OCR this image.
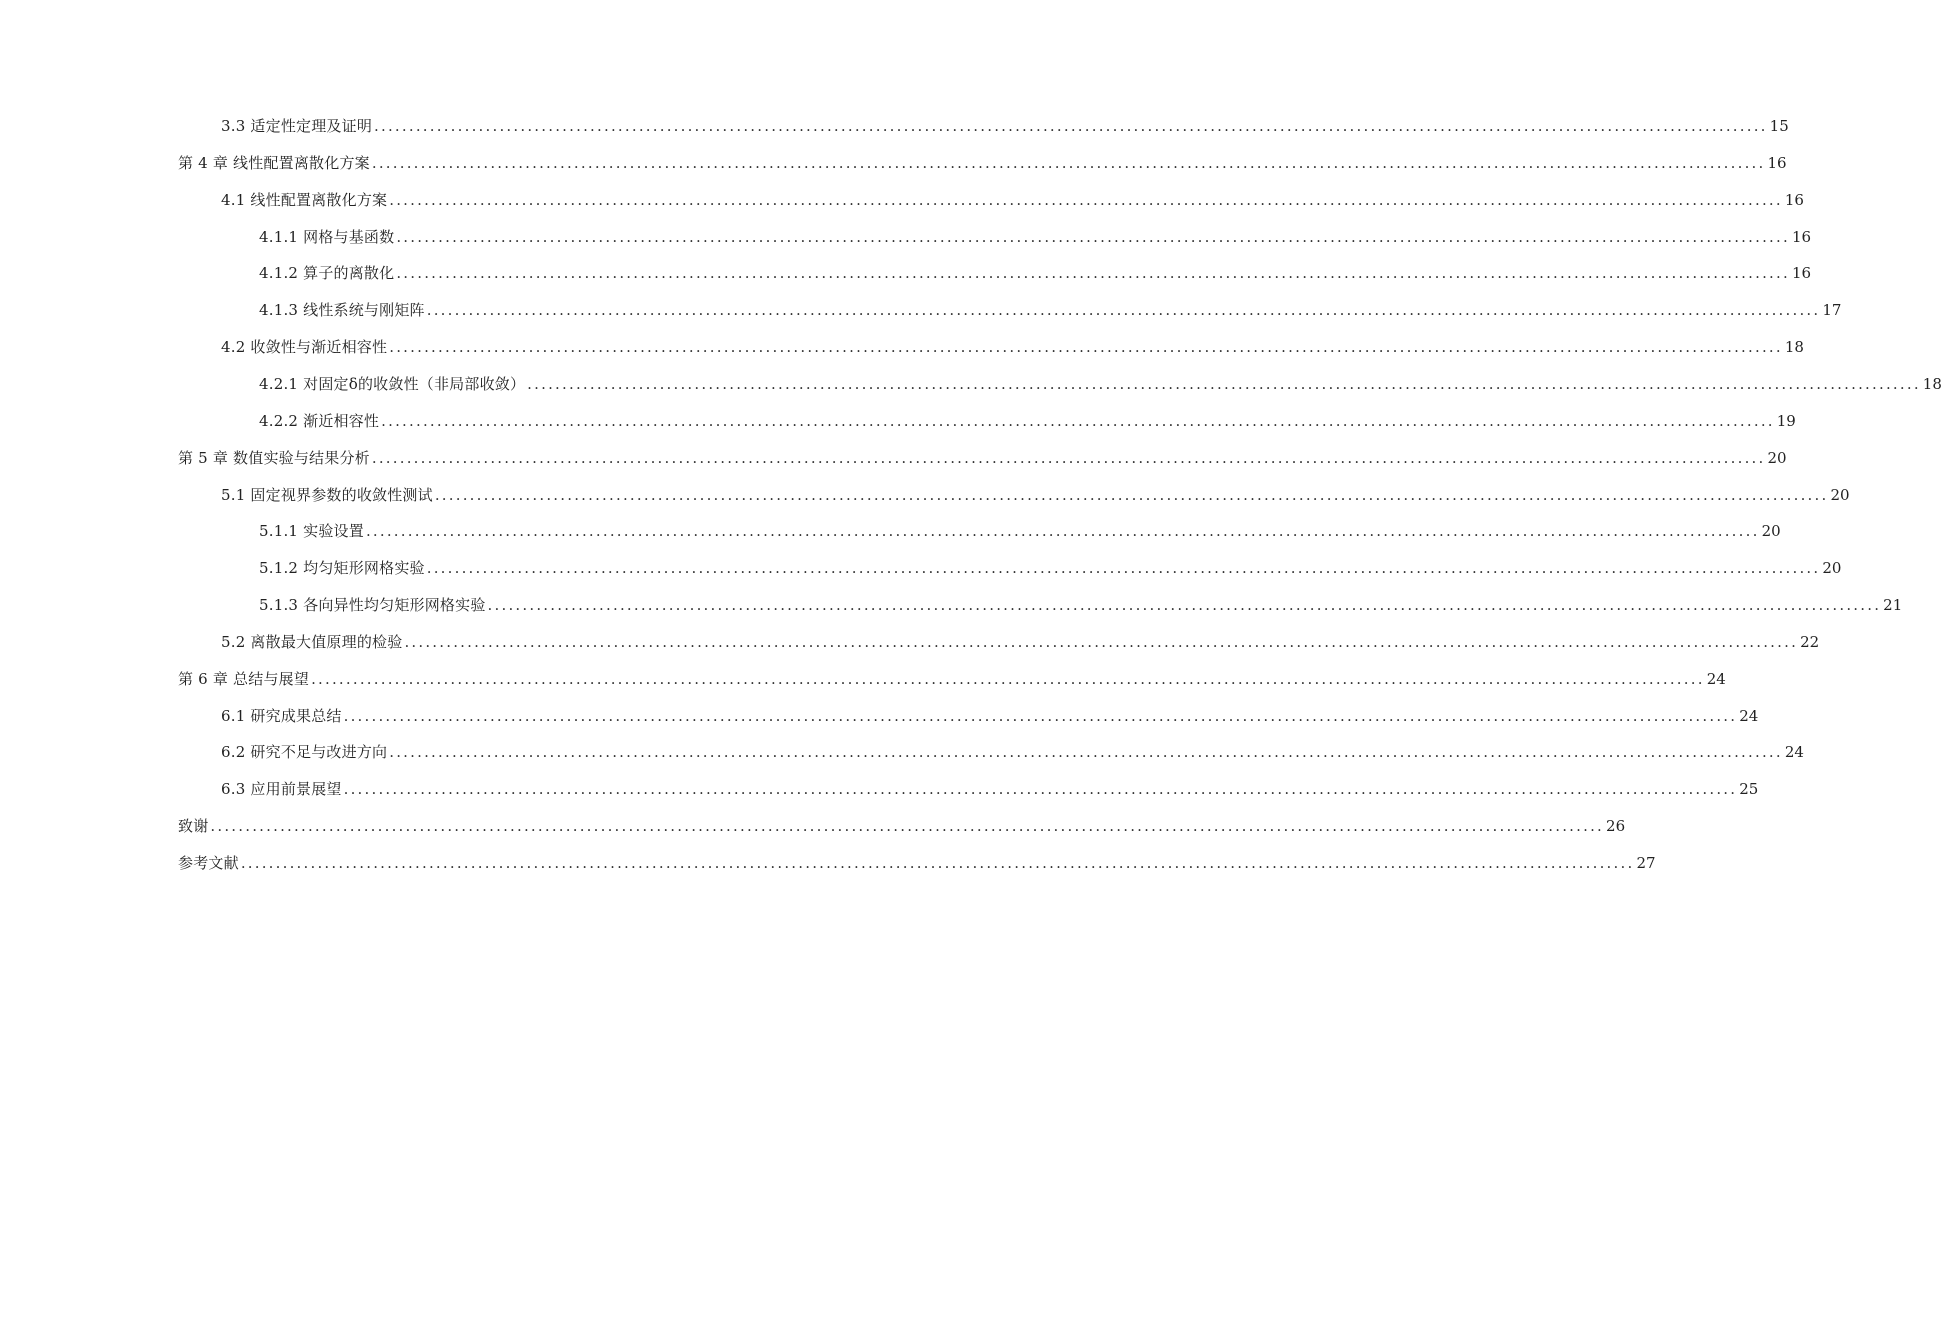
3.3 适定性定理及证明 ........................................................................................................................................................................................................ 15
第 4 章 线性配置离散化方案 ........................................................................................................................................................................................................ 16
4.1 线性配置离散化方案 ........................................................................................................................................................................................................ 16
4.1.1 网格与基函数 ........................................................................................................................................................................................................ 16
4.1.2 算子的离散化 ........................................................................................................................................................................................................ 16
4.1.3 线性系统与刚矩阵 ........................................................................................................................................................................................................ 17
4.2 收敛性与渐近相容性 ........................................................................................................................................................................................................ 18
4.2.1 对固定δ的收敛性（非局部收敛） ........................................................................................................................................................................................................ 18
4.2.2 渐近相容性 ........................................................................................................................................................................................................ 19
第 5 章 数值实验与结果分析 ........................................................................................................................................................................................................ 20
5.1 固定视界参数的收敛性测试 ........................................................................................................................................................................................................ 20
5.1.1 实验设置 ........................................................................................................................................................................................................ 20
5.1.2 均匀矩形网格实验 ........................................................................................................................................................................................................ 20
5.1.3 各向异性均匀矩形网格实验 ........................................................................................................................................................................................................ 21
5.2 离散最大值原理的检验 ........................................................................................................................................................................................................ 22
第 6 章 总结与展望 ........................................................................................................................................................................................................ 24
6.1 研究成果总结 ........................................................................................................................................................................................................ 24
6.2 研究不足与改进方向 ........................................................................................................................................................................................................ 24
6.3 应用前景展望 ........................................................................................................................................................................................................ 25
致谢 ........................................................................................................................................................................................................ 26
参考文献 ........................................................................................................................................................................................................ 27
